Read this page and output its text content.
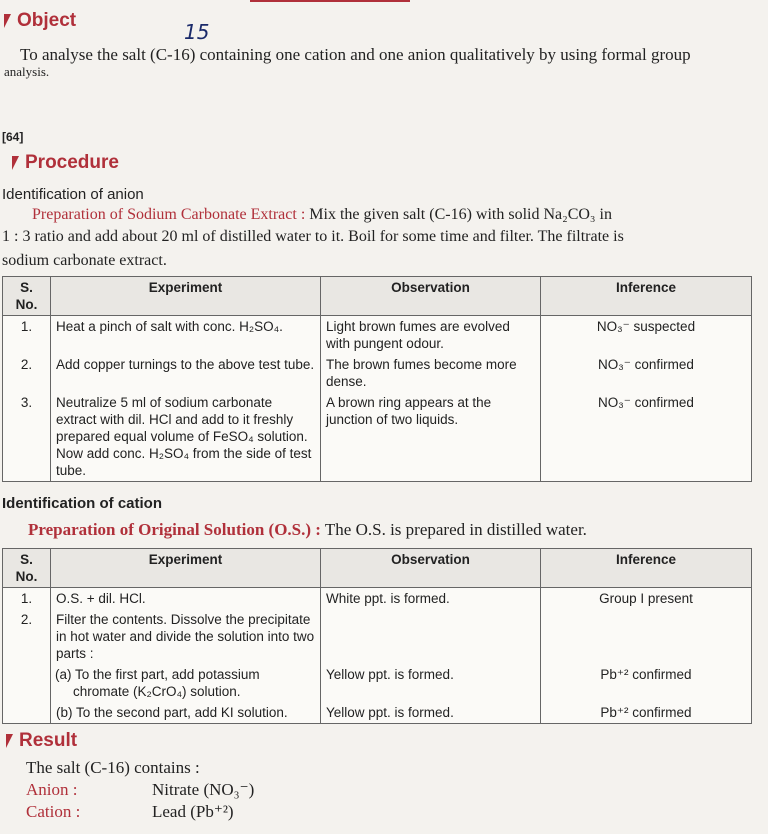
Object	15
To analyse the salt (C-16) containing one cation and one anion qualitatively by using formal group
analysis.
[64]
Procedure
Identification of anion
Preparation of Sodium Carbonate Extract : Mix the given salt (C-16) with solid Na₂CO₃ in
1 : 3 ratio and add about 20 ml of distilled water to it. Boil for some time and filter. The filtrate is
sodium carbonate extract.
S. No.	Experiment	Observation	Inference
1.	Heat a pinch of salt with conc. H₂SO₄.	Light brown fumes are evolved with pungent odour.	NO₃⁻ suspected
2.	Add copper turnings to the above test tube.	The brown fumes become more dense.	NO₃⁻ confirmed
3.	Neutralize 5 ml of sodium carbonate extract with dil. HCl and add to it freshly prepared equal volume of FeSO₄ solution. Now add conc. H₂SO₄ from the side of test tube.	A brown ring appears at the junction of two liquids.	NO₃⁻ confirmed
Identification of cation
Preparation of Original Solution (O.S.) : The O.S. is prepared in distilled water.
S. No.	Experiment	Observation	Inference
1.	O.S. + dil. HCl.	White ppt. is formed.	Group I present
2.	Filter the contents. Dissolve the precipitate in hot water and divide the solution into two parts :		
	(a) To the first part, add potassium chromate (K₂CrO₄) solution.	Yellow ppt. is formed.	Pb⁺² confirmed
	(b) To the second part, add KI solution.	Yellow ppt. is formed.	Pb⁺² confirmed
Result
The salt (C-16) contains :
Anion :	Nitrate (NO₃⁻)
Cation :	Lead (Pb⁺²)
